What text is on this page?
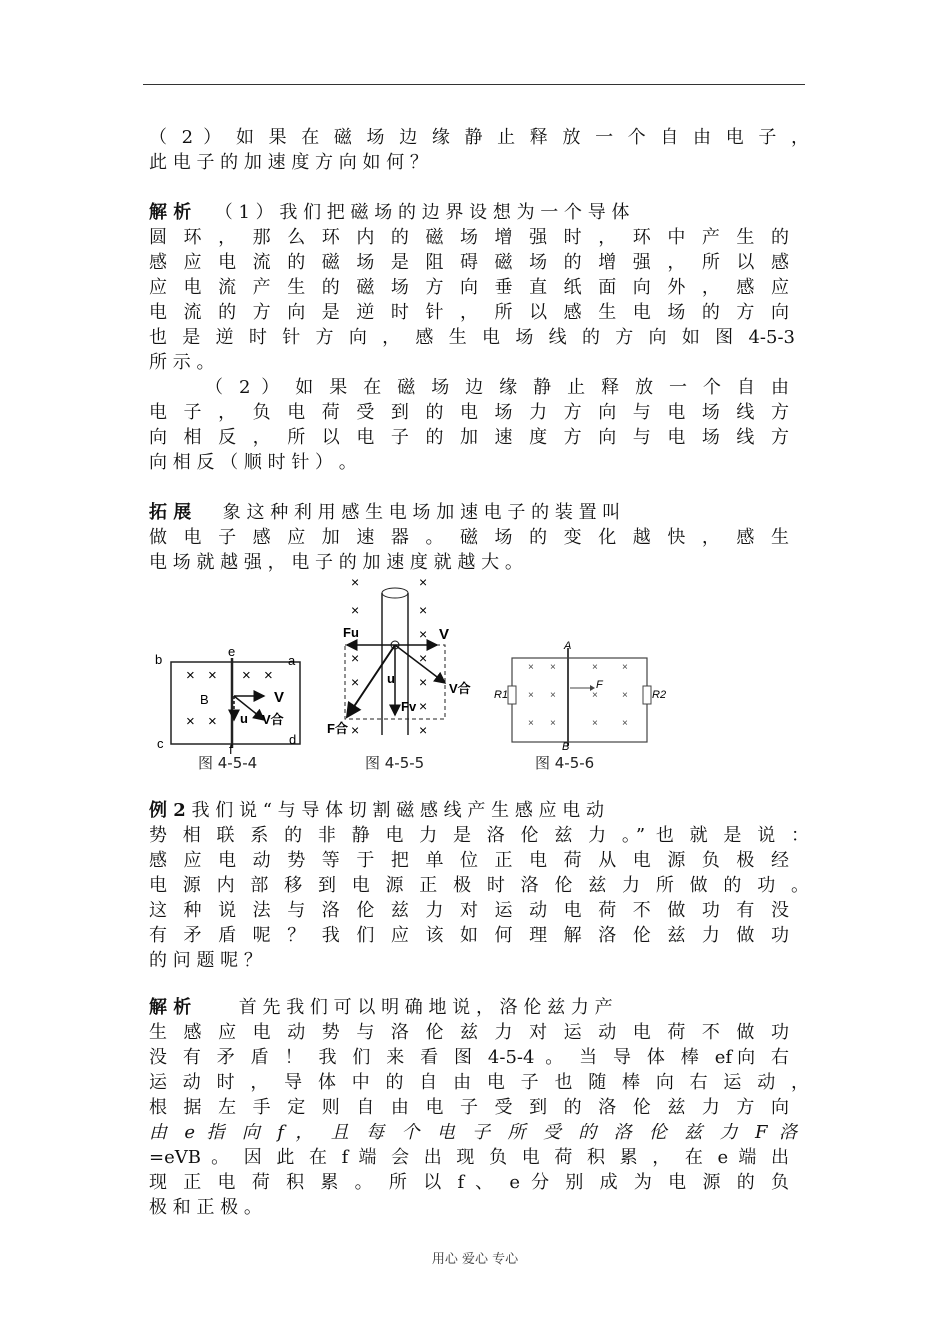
（ 2 ） 如 果 在 磁 场 边 缘 静 止 释 放 一 个 自 由 电 子 ，
此 电 子 的 加 速 度 方 向 如 何 ？
解 析 （ 1 ） 我 们 把 磁 场 的 边 界 设 想 为 一 个 导 体
圆 环 ， 那 么 环 内 的 磁 场 增 强 时 ， 环 中 产 生 的
感 应 电 流 的 磁 场 是 阻 碍 磁 场 的 增 强 ， 所 以 感
应 电 流 产 生 的 磁 场 方 向 垂 直 纸 面 向 外 ， 感 应
电 流 的 方 向 是 逆 时 针 ， 所 以 感 生 电 场 的 方 向
也 是 逆 时 针 方 向 ， 感 生 电 场 线 的 方 向 如 图 4-5-3
所 示 。
（ 2 ） 如 果 在 磁 场 边 缘 静 止 释 放 一 个 自 由
电 子 ， 负 电 荷 受 到 的 电 场 力 方 向 与 电 场 线 方
向 相 反 ， 所 以 电 子 的 加 速 度 方 向 与 电 场 线 方
向 相 反 （ 顺 时 针 ） 。
拓 展 象 这 种 利 用 感 生 电 场 加 速 电 子 的 装 置 叫
做 电 子 感 应 加 速 器 。 磁 场 的 变 化 越 快 ， 感 生
电 场 就 越 强 ， 电 子 的 加 速 度 就 越 大 。
b
e
a
c	f
d
× × × ×
× ×
B	V
u V合
图 4-5-4
×	×
×	×
×
×	×
×	×
×
×	×
Fu	V
u
Fv
V合
F合
图 4-5-5
A
B
R1	R2
× ×	× ×
× ×	× ×
× ×	× ×
F
图 4-5-6
例 2 我 们 说 “ 与 导 体 切 割 磁 感 线 产 生 感 应 电 动
势 相 联 系 的 非 静 电 力 是 洛 伦 兹 力 。” 也 就 是 说 ：
感 应 电 动 势 等 于 把 单 位 正 电 荷 从 电 源 负 极 经
电 源 内 部 移 到 电 源 正 极 时 洛 伦 兹 力 所 做 的 功 。
这 种 说 法 与 洛 伦 兹 力 对 运 动 电 荷 不 做 功 有 没
有 矛 盾 呢 ？ 我 们 应 该 如 何 理 解 洛 伦 兹 力 做 功
的 问 题 呢 ？
解 析	首 先 我 们 可 以 明 确 地 说 ， 洛 伦 兹 力 产
生 感 应 电 动 势 与 洛 伦 兹 力 对 运 动 电 荷 不 做 功
没 有 矛 盾 ！ 我 们 来 看 图 4-5-4 。 当 导 体 棒 ef向 右
运 动 时 ， 导 体 中 的 自 由 电 子 也 随 棒 向 右 运 动 ，
根 据 左 手 定 则 自 由 电 子 受 到 的 洛 伦 兹 力 方 向
由 e 指 向 f ， 且 每 个 电 子 所 受 的 洛 伦 兹 力 F 洛
=eVB 。 因 此 在 f 端 会 出 现 负 电 荷 积 累 ， 在 e 端 出
现 正 电 荷 积 累 。 所 以 f 、 e 分 别 成 为 电 源 的 负
极 和 正 极 。
用心 爱心 专心
